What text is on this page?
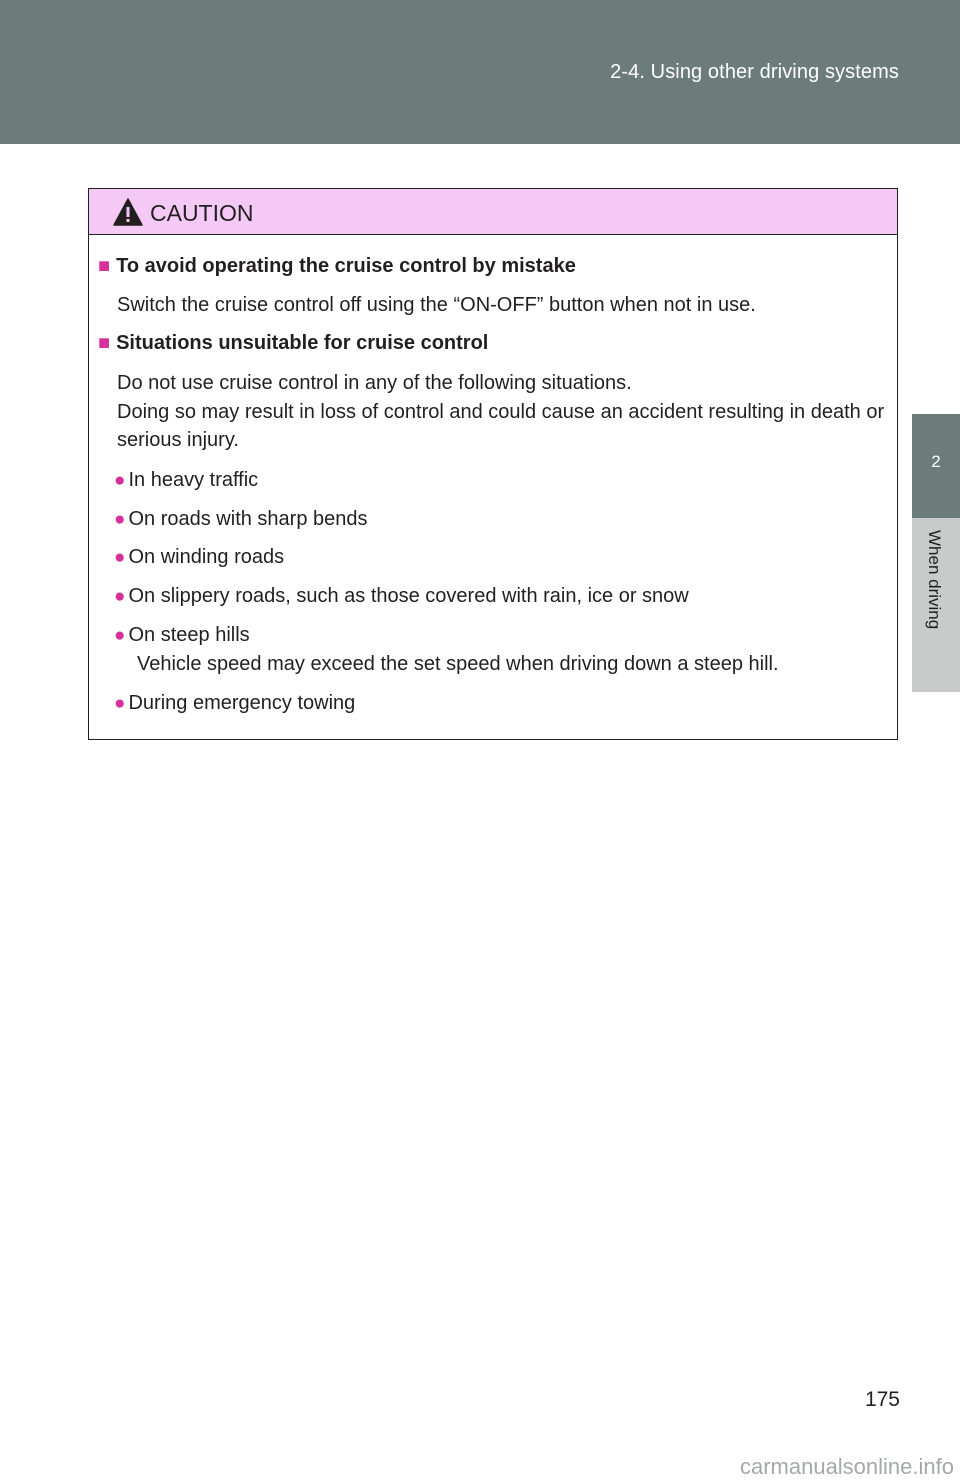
2-4. Using other driving systems
2
When driving
CAUTION
■ To avoid operating the cruise control by mistake
Switch the cruise control off using the “ON-OFF” button when not in use.
■ Situations unsuitable for cruise control
Do not use cruise control in any of the following situations.
Doing so may result in loss of control and could cause an accident resulting in death or serious injury.
● In heavy traffic
● On roads with sharp bends
● On winding roads
● On slippery roads, such as those covered with rain, ice or snow
● On steep hills
Vehicle speed may exceed the set speed when driving down a steep hill.
● During emergency towing
175
carmanualsonline.info
